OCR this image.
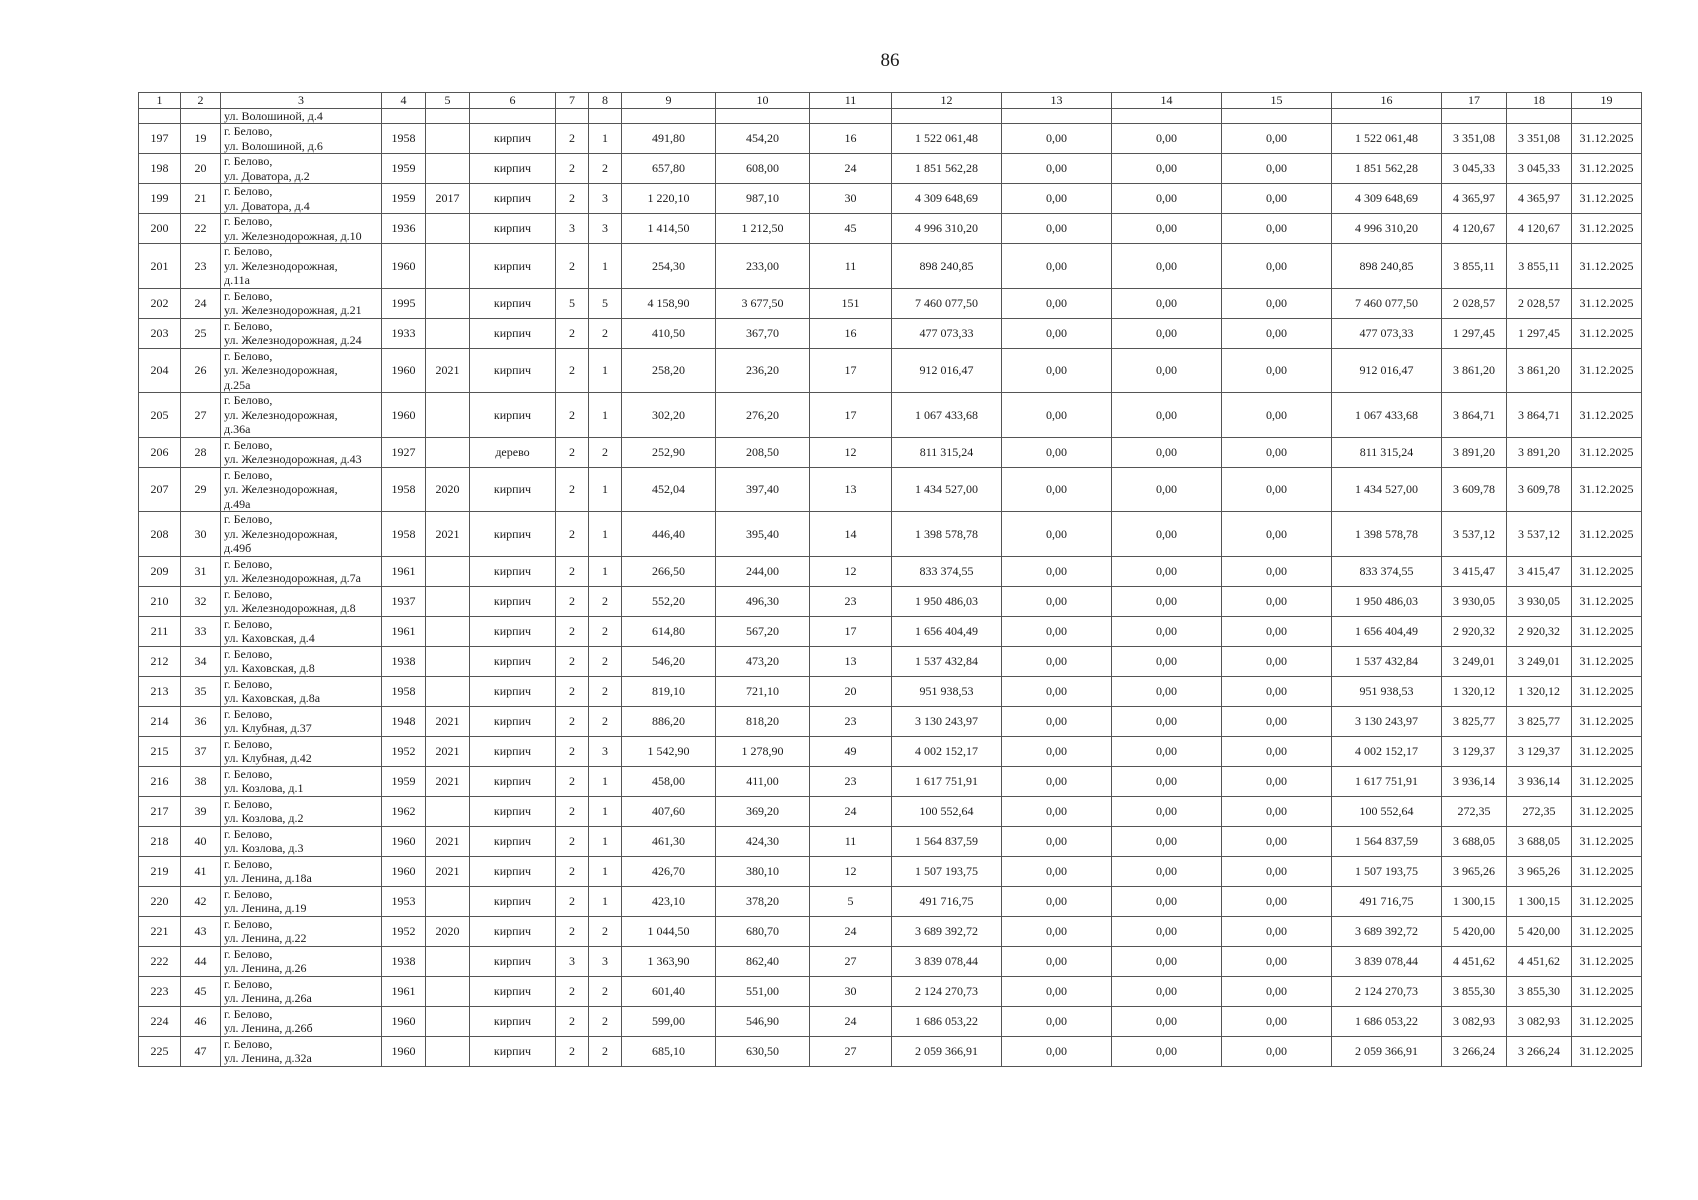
86
1	2	3	4	5	6	7	8	9	10	11	12	13	14	15	16	17	18	19

		ул. Волошиной, д.4																

197	19	г. Белово,
ул. Волошиной, д.6	1958		кирпич	2	1	491,80	454,20	16	1 522 061,48	0,00	0,00	0,00	1 522 061,48	3 351,08	3 351,08	31.12.2025
198	20	г. Белово,
ул. Доватора, д.2	1959		кирпич	2	2	657,80	608,00	24	1 851 562,28	0,00	0,00	0,00	1 851 562,28	3 045,33	3 045,33	31.12.2025
199	21	г. Белово,
ул. Доватора, д.4	1959	2017	кирпич	2	3	1 220,10	987,10	30	4 309 648,69	0,00	0,00	0,00	4 309 648,69	4 365,97	4 365,97	31.12.2025
200	22	г. Белово,
ул. Железнодорожная, д.10	1936		кирпич	3	3	1 414,50	1 212,50	45	4 996 310,20	0,00	0,00	0,00	4 996 310,20	4 120,67	4 120,67	31.12.2025
201	23	г. Белово,
ул. Железнодорожная,
д.11а	1960		кирпич	2	1	254,30	233,00	11	898 240,85	0,00	0,00	0,00	898 240,85	3 855,11	3 855,11	31.12.2025
202	24	г. Белово,
ул. Железнодорожная, д.21	1995		кирпич	5	5	4 158,90	3 677,50	151	7 460 077,50	0,00	0,00	0,00	7 460 077,50	2 028,57	2 028,57	31.12.2025
203	25	г. Белово,
ул. Железнодорожная, д.24	1933		кирпич	2	2	410,50	367,70	16	477 073,33	0,00	0,00	0,00	477 073,33	1 297,45	1 297,45	31.12.2025
204	26	г. Белово,
ул. Железнодорожная,
д.25а	1960	2021	кирпич	2	1	258,20	236,20	17	912 016,47	0,00	0,00	0,00	912 016,47	3 861,20	3 861,20	31.12.2025
205	27	г. Белово,
ул. Железнодорожная,
д.36а	1960		кирпич	2	1	302,20	276,20	17	1 067 433,68	0,00	0,00	0,00	1 067 433,68	3 864,71	3 864,71	31.12.2025
206	28	г. Белово,
ул. Железнодорожная, д.43	1927		дерево	2	2	252,90	208,50	12	811 315,24	0,00	0,00	0,00	811 315,24	3 891,20	3 891,20	31.12.2025
207	29	г. Белово,
ул. Железнодорожная,
д.49а	1958	2020	кирпич	2	1	452,04	397,40	13	1 434 527,00	0,00	0,00	0,00	1 434 527,00	3 609,78	3 609,78	31.12.2025
208	30	г. Белово,
ул. Железнодорожная,
д.49б	1958	2021	кирпич	2	1	446,40	395,40	14	1 398 578,78	0,00	0,00	0,00	1 398 578,78	3 537,12	3 537,12	31.12.2025
209	31	г. Белово,
ул. Железнодорожная, д.7а	1961		кирпич	2	1	266,50	244,00	12	833 374,55	0,00	0,00	0,00	833 374,55	3 415,47	3 415,47	31.12.2025
210	32	г. Белово,
ул. Железнодорожная, д.8	1937		кирпич	2	2	552,20	496,30	23	1 950 486,03	0,00	0,00	0,00	1 950 486,03	3 930,05	3 930,05	31.12.2025
211	33	г. Белово,
ул. Каховская, д.4	1961		кирпич	2	2	614,80	567,20	17	1 656 404,49	0,00	0,00	0,00	1 656 404,49	2 920,32	2 920,32	31.12.2025
212	34	г. Белово,
ул. Каховская, д.8	1938		кирпич	2	2	546,20	473,20	13	1 537 432,84	0,00	0,00	0,00	1 537 432,84	3 249,01	3 249,01	31.12.2025
213	35	г. Белово,
ул. Каховская, д.8а	1958		кирпич	2	2	819,10	721,10	20	951 938,53	0,00	0,00	0,00	951 938,53	1 320,12	1 320,12	31.12.2025
214	36	г. Белово,
ул. Клубная, д.37	1948	2021	кирпич	2	2	886,20	818,20	23	3 130 243,97	0,00	0,00	0,00	3 130 243,97	3 825,77	3 825,77	31.12.2025
215	37	г. Белово,
ул. Клубная, д.42	1952	2021	кирпич	2	3	1 542,90	1 278,90	49	4 002 152,17	0,00	0,00	0,00	4 002 152,17	3 129,37	3 129,37	31.12.2025
216	38	г. Белово,
ул. Козлова, д.1	1959	2021	кирпич	2	1	458,00	411,00	23	1 617 751,91	0,00	0,00	0,00	1 617 751,91	3 936,14	3 936,14	31.12.2025
217	39	г. Белово,
ул. Козлова, д.2	1962		кирпич	2	1	407,60	369,20	24	100 552,64	0,00	0,00	0,00	100 552,64	272,35	272,35	31.12.2025
218	40	г. Белово,
ул. Козлова, д.3	1960	2021	кирпич	2	1	461,30	424,30	11	1 564 837,59	0,00	0,00	0,00	1 564 837,59	3 688,05	3 688,05	31.12.2025
219	41	г. Белово,
ул. Ленина, д.18а	1960	2021	кирпич	2	1	426,70	380,10	12	1 507 193,75	0,00	0,00	0,00	1 507 193,75	3 965,26	3 965,26	31.12.2025
220	42	г. Белово,
ул. Ленина, д.19	1953		кирпич	2	1	423,10	378,20	5	491 716,75	0,00	0,00	0,00	491 716,75	1 300,15	1 300,15	31.12.2025
221	43	г. Белово,
ул. Ленина, д.22	1952	2020	кирпич	2	2	1 044,50	680,70	24	3 689 392,72	0,00	0,00	0,00	3 689 392,72	5 420,00	5 420,00	31.12.2025
222	44	г. Белово,
ул. Ленина, д.26	1938		кирпич	3	3	1 363,90	862,40	27	3 839 078,44	0,00	0,00	0,00	3 839 078,44	4 451,62	4 451,62	31.12.2025
223	45	г. Белово,
ул. Ленина, д.26а	1961		кирпич	2	2	601,40	551,00	30	2 124 270,73	0,00	0,00	0,00	2 124 270,73	3 855,30	3 855,30	31.12.2025
224	46	г. Белово,
ул. Ленина, д.26б	1960		кирпич	2	2	599,00	546,90	24	1 686 053,22	0,00	0,00	0,00	1 686 053,22	3 082,93	3 082,93	31.12.2025
225	47	г. Белово,
ул. Ленина, д.32а	1960		кирпич	2	2	685,10	630,50	27	2 059 366,91	0,00	0,00	0,00	2 059 366,91	3 266,24	3 266,24	31.12.2025
